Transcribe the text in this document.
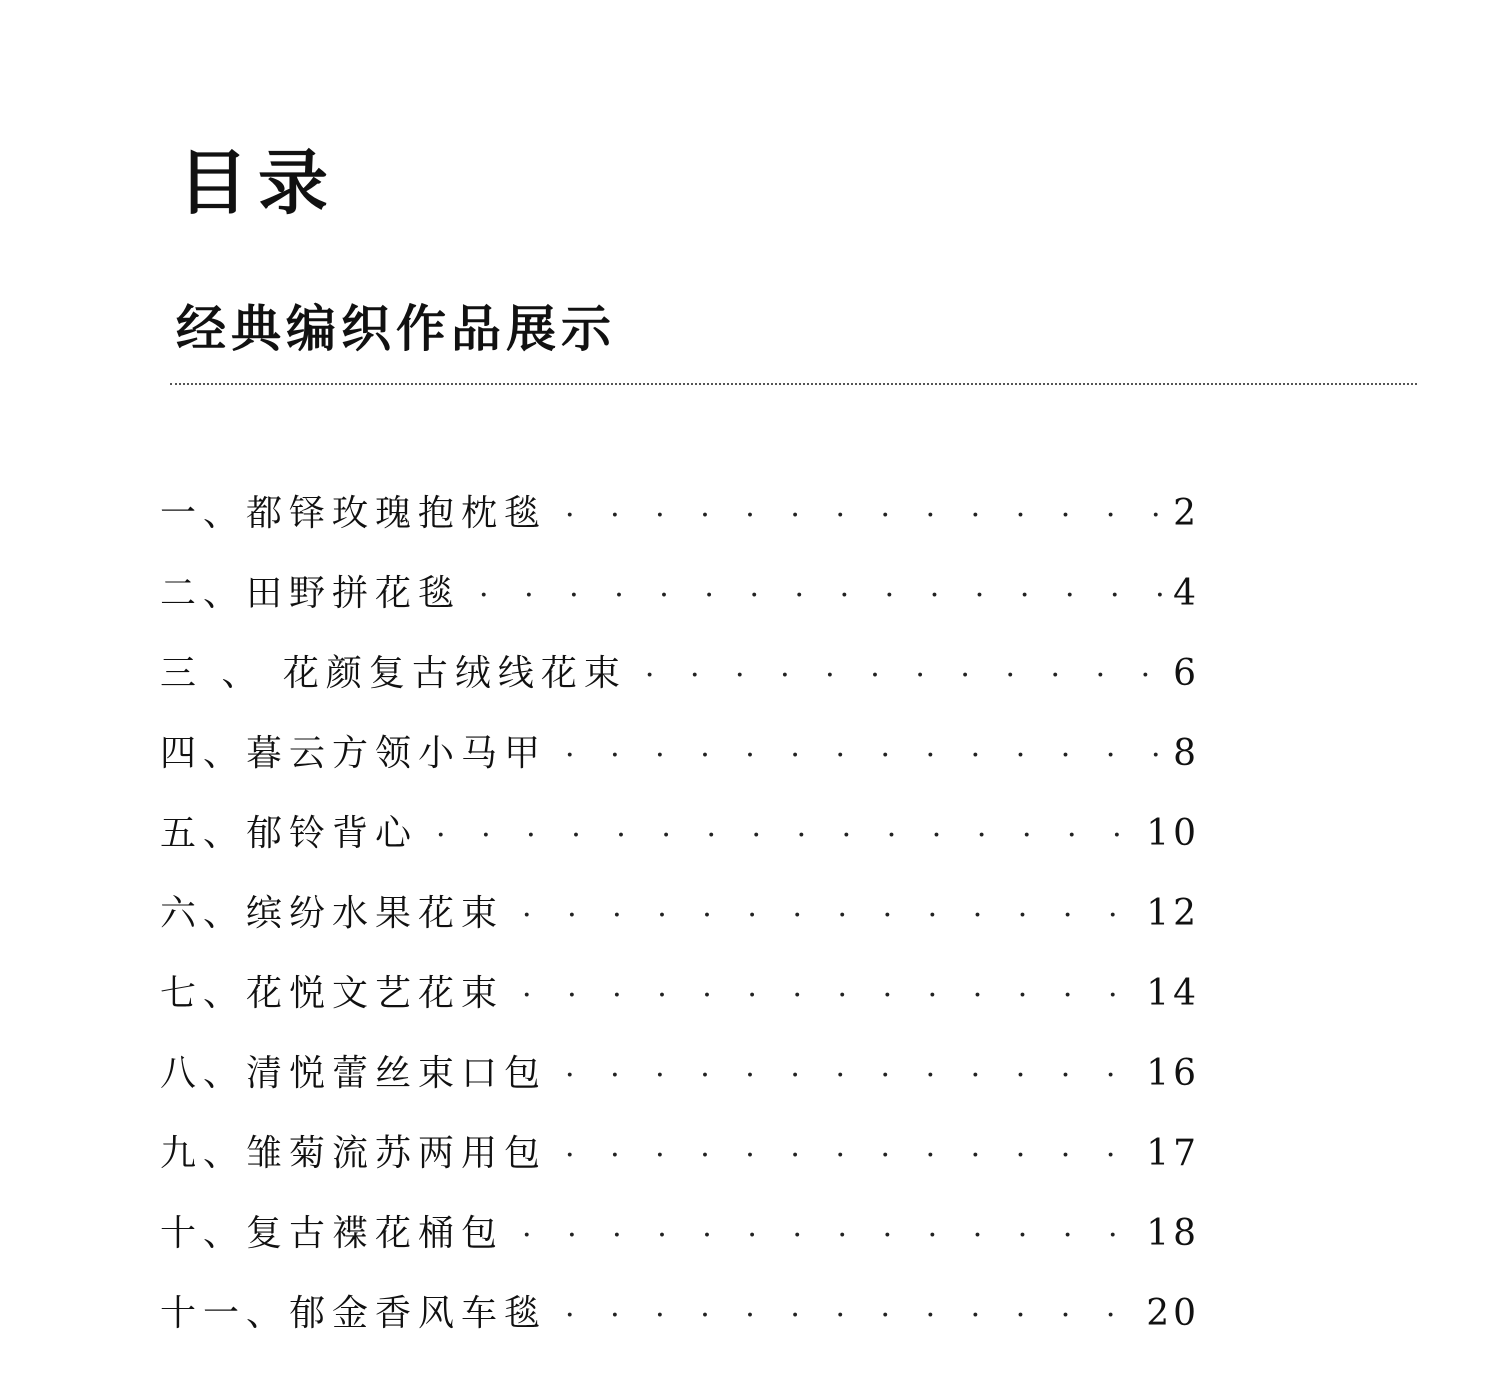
目录
经典编织作品展示
一、都铎玫瑰抱枕毯 · · ·	2
二、田野拼花毯 · · ·	4
三 、 花颜复古绒线花束 · · ·	6
四、暮云方领小马甲 · · ·	8
五、郁铃背心 · · ·	10
六、缤纷水果花束 · · ·	12
七、花悦文艺花束 · · ·	14
八、清悦蕾丝束口包 · · ·	16
九、雏菊流苏两用包 · · ·	17
十、复古褋花桶包 · · ·	18
十一、郁金香风车毯 · · ·	20
